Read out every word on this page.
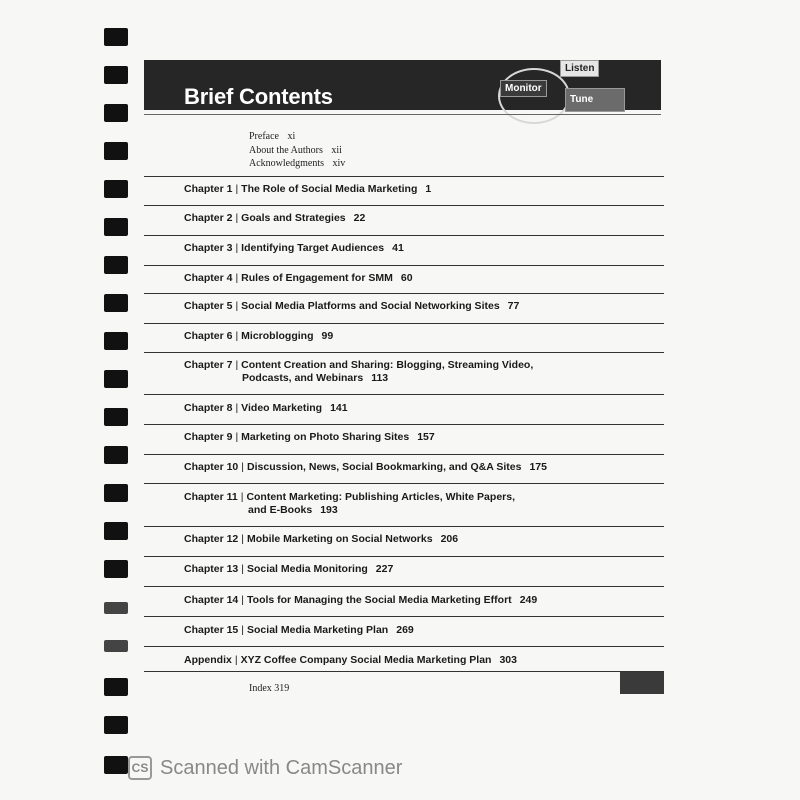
Brief Contents
Listen
Monitor
Tune
Preface xi
About the Authors xii
Acknowledgments xiv
Chapter 1 | The Role of Social Media Marketing 1
Chapter 2 | Goals and Strategies 22
Chapter 3 | Identifying Target Audiences 41
Chapter 4 | Rules of Engagement for SMM 60
Chapter 5 | Social Media Platforms and Social Networking Sites 77
Chapter 6 | Microblogging 99
Chapter 7 | Content Creation and Sharing: Blogging, Streaming Video,
Podcasts, and Webinars 113
Chapter 8 | Video Marketing 141
Chapter 9 | Marketing on Photo Sharing Sites 157
Chapter 10 | Discussion, News, Social Bookmarking, and Q&A Sites 175
Chapter 11 | Content Marketing: Publishing Articles, White Papers,
and E-Books 193
Chapter 12 | Mobile Marketing on Social Networks 206
Chapter 13 | Social Media Monitoring 227
Chapter 14 | Tools for Managing the Social Media Marketing Effort 249
Chapter 15 | Social Media Marketing Plan 269
Appendix | XYZ Coffee Company Social Media Marketing Plan 303
Index 319
CS Scanned with CamScanner
